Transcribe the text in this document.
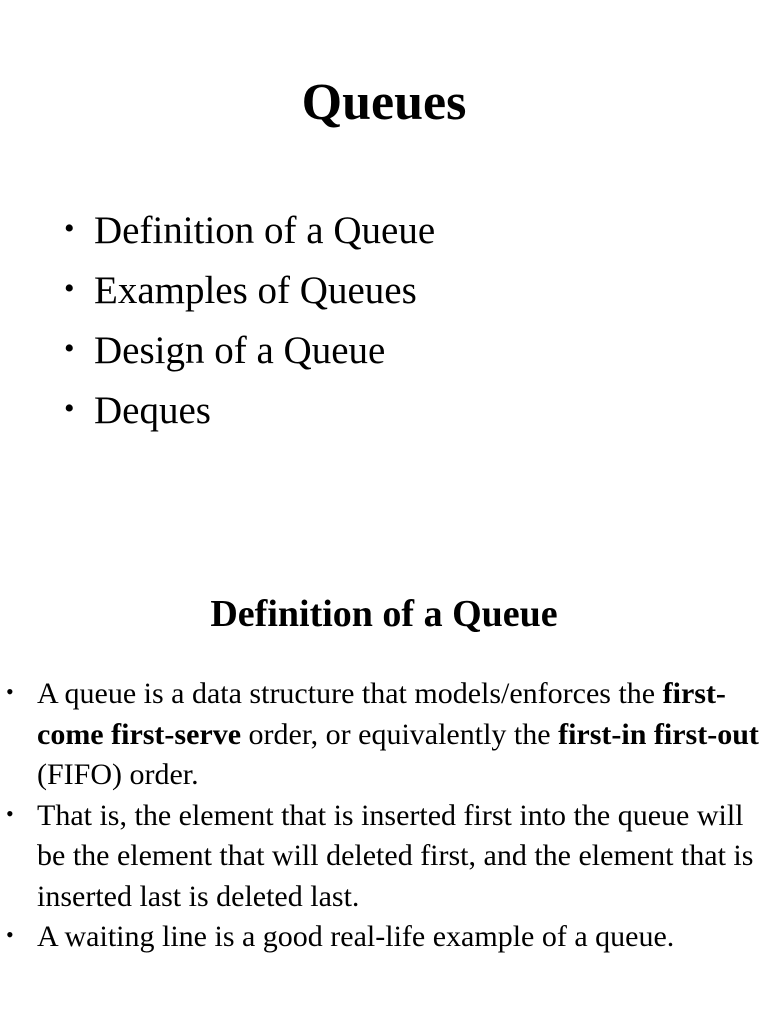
Queues
• Definition of a Queue
• Examples of Queues
• Design of a Queue
• Deques
Definition of a Queue
• A queue is a data structure that models/enforces the first-come first-serve order, or equivalently the first-in first-out (FIFO) order.
• That is, the element that is inserted first into the queue will be the element that will deleted first, and the element that is inserted last is deleted last.
• A waiting line is a good real-life example of a queue.
